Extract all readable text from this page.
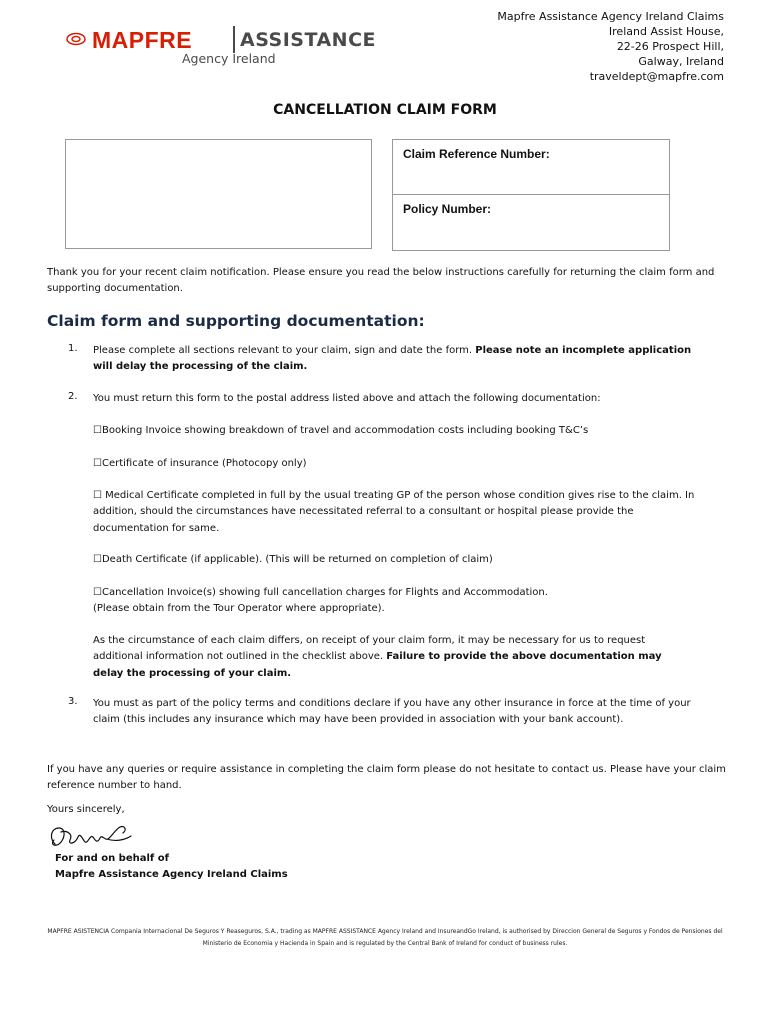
MAPFRE	ASSISTANCE
Agency Ireland
Mapfre Assistance Agency Ireland Claims
Ireland Assist House,
22-26 Prospect Hill,
Galway, Ireland
traveldept@mapfre.com
CANCELLATION CLAIM FORM
Claim Reference Number:
Policy Number:
Thank you for your recent claim notification. Please ensure you read the below instructions carefully for returning the claim form and supporting documentation.
Claim form and supporting documentation:
1. Please complete all sections relevant to your claim, sign and date the form. Please note an incomplete application will delay the processing of the claim.
2. You must return this form to the postal address listed above and attach the following documentation:
☐Booking Invoice showing breakdown of travel and accommodation costs including booking T&C’s
☐Certificate of insurance (Photocopy only)
☐ Medical Certificate completed in full by the usual treating GP of the person whose condition gives rise to the claim. In addition, should the circumstances have necessitated referral to a consultant or hospital please provide the documentation for same.
☐Death Certificate (if applicable). (This will be returned on completion of claim)
☐Cancellation Invoice(s) showing full cancellation charges for Flights and Accommodation.
(Please obtain from the Tour Operator where appropriate).
As the circumstance of each claim differs, on receipt of your claim form, it may be necessary for us to request additional information not outlined in the checklist above. Failure to provide the above documentation may delay the processing of your claim.
3. You must as part of the policy terms and conditions declare if you have any other insurance in force at the time of your claim (this includes any insurance which may have been provided in association with your bank account).
If you have any queries or require assistance in completing the claim form please do not hesitate to contact us. Please have your claim reference number to hand.
Yours sincerely,
For and on behalf of
Mapfre Assistance Agency Ireland Claims
MAPFRE ASISTENCIA Compania Internacional De Seguros Y Reaseguros, S.A., trading as MAPFRE ASSISTANCE Agency Ireland and InsureandGo Ireland, is authorised by Direccion General de Seguros y Fondos de Pensiones del Ministerio de Economia y Hacienda in Spain and is regulated by the Central Bank of Ireland for conduct of business rules.
